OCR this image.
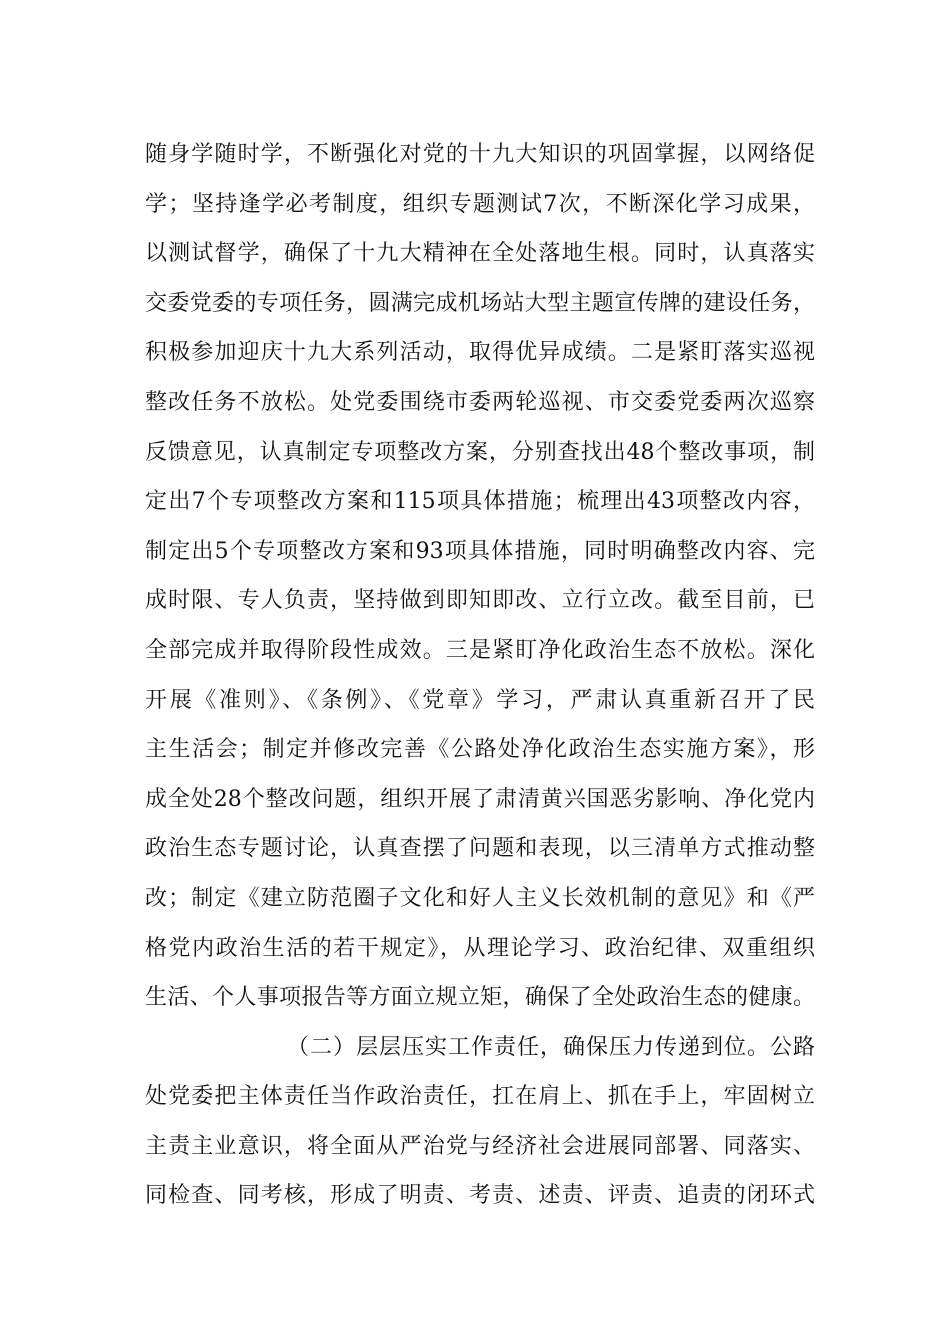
随身学随时学，不断强化对党的十九大知识的巩固掌握，以网络促
学；坚持逢学必考制度，组织专题测试7次，不断深化学习成果，
以测试督学，确保了十九大精神在全处落地生根。同时，认真落实
交委党委的专项任务，圆满完成机场站大型主题宣传牌的建设任务，
积极参加迎庆十九大系列活动，取得优异成绩。二是紧盯落实巡视
整改任务不放松。处党委围绕市委两轮巡视、市交委党委两次巡察
反馈意见，认真制定专项整改方案，分别查找出48个整改事项，制
定出7个专项整改方案和115项具体措施；梳理出43项整改内容，
制定出5个专项整改方案和93项具体措施，同时明确整改内容、完
成时限、专人负责，坚持做到即知即改、立行立改。截至目前，已
全部完成并取得阶段性成效。三是紧盯净化政治生态不放松。深化
开展《准则》、《条例》、《党章》学习，严肃认真重新召开了民
主生活会；制定并修改完善《公路处净化政治生态实施方案》，形
成全处28个整改问题，组织开展了肃清黄兴国恶劣影响、净化党内
政治生态专题讨论，认真查摆了问题和表现，以三清单方式推动整
改；制定《建立防范圈子文化和好人主义长效机制的意见》和《严
格党内政治生活的若干规定》，从理论学习、政治纪律、双重组织
生活、个人事项报告等方面立规立矩，确保了全处政治生态的健康。
（二）层层压实工作责任，确保压力传递到位。公路
处党委把主体责任当作政治责任，扛在肩上、抓在手上，牢固树立
主责主业意识，将全面从严治党与经济社会进展同部署、同落实、
同检查、同考核，形成了明责、考责、述责、评责、追责的闭环式
